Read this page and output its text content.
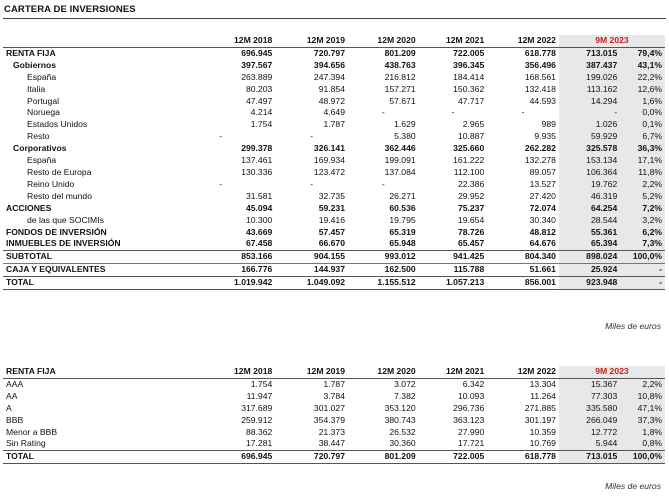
CARTERA DE INVERSIONES
	12M 2018	12M 2019	12M 2020	12M 2021	12M 2022	9M 2023	
RENTA FIJA	696.945	720.797	801.209	722.005	618.778	713.015	79,4%
Gobiernos	397.567	394.656	438.763	396.345	356.496	387.437	43,1%
España	263.889	247.394	216.812	184.414	168.561	199.026	22,2%
Italia	80.203	91.854	157.271	150.362	132.418	113.162	12,6%
Portugal	47.497	48.972	57.671	47.717	44.593	14.294	1,6%
Noruega	4.214	4.649	-	-	-	-	0,0%
Estados Unidos	1.754	1.787	1.629	2.965	989	1.026	0,1%
Resto	-	-	5.380	10.887	9.935	59.929	6,7%
Corporativos	299.378	326.141	362.446	325.660	262.282	325.578	36,3%
España	137.461	169.934	199.091	161.222	132.278	153.134	17,1%
Resto de Europa	130.336	123.472	137.084	112.100	89.057	106.364	11,8%
Reino Unido	-	-	-	22.386	13.527	19.762	2,2%
Resto del mundo	31.581	32.735	26.271	29.952	27.420	46.319	5,2%
ACCIONES	45.094	59.231	60.536	75.237	72.074	64.254	7,2%
de las que SOCIMIs	10.300	19.416	19.795	19.654	30.340	28.544	3,2%
FONDOS DE INVERSIÓN	43.669	57.457	65.319	78.726	48.812	55.361	6,2%
INMUEBLES DE INVERSIÓN	67.458	66.670	65.948	65.457	64.676	65.394	7,3%
SUBTOTAL	853.166	904.155	993.012	941.425	804.340	898.024	100,0%
CAJA Y EQUIVALENTES	166.776	144.937	162.500	115.788	51.661	25.924	-
TOTAL	1.019.942	1.049.092	1.155.512	1.057.213	856.001	923.948	-
Miles de euros
RENTA FIJA	12M 2018	12M 2019	12M 2020	12M 2021	12M 2022	9M 2023	
AAA	1.754	1.787	3.072	6.342	13.304	15.367	2,2%
AA	11.947	3.784	7.382	10.093	11.264	77.303	10,8%
A	317.689	301.027	353.120	296.736	271.885	335.580	47,1%
BBB	259.912	354.379	380.743	363.123	301.197	266.049	37,3%
Menor a BBB	88.362	21.373	26.532	27.990	10.359	12.772	1,8%
Sin Rating	17.281	38.447	30.360	17.721	10.769	5.944	0,8%
TOTAL	696.945	720.797	801.209	722.005	618.778	713.015	100,0%
Miles de euros
